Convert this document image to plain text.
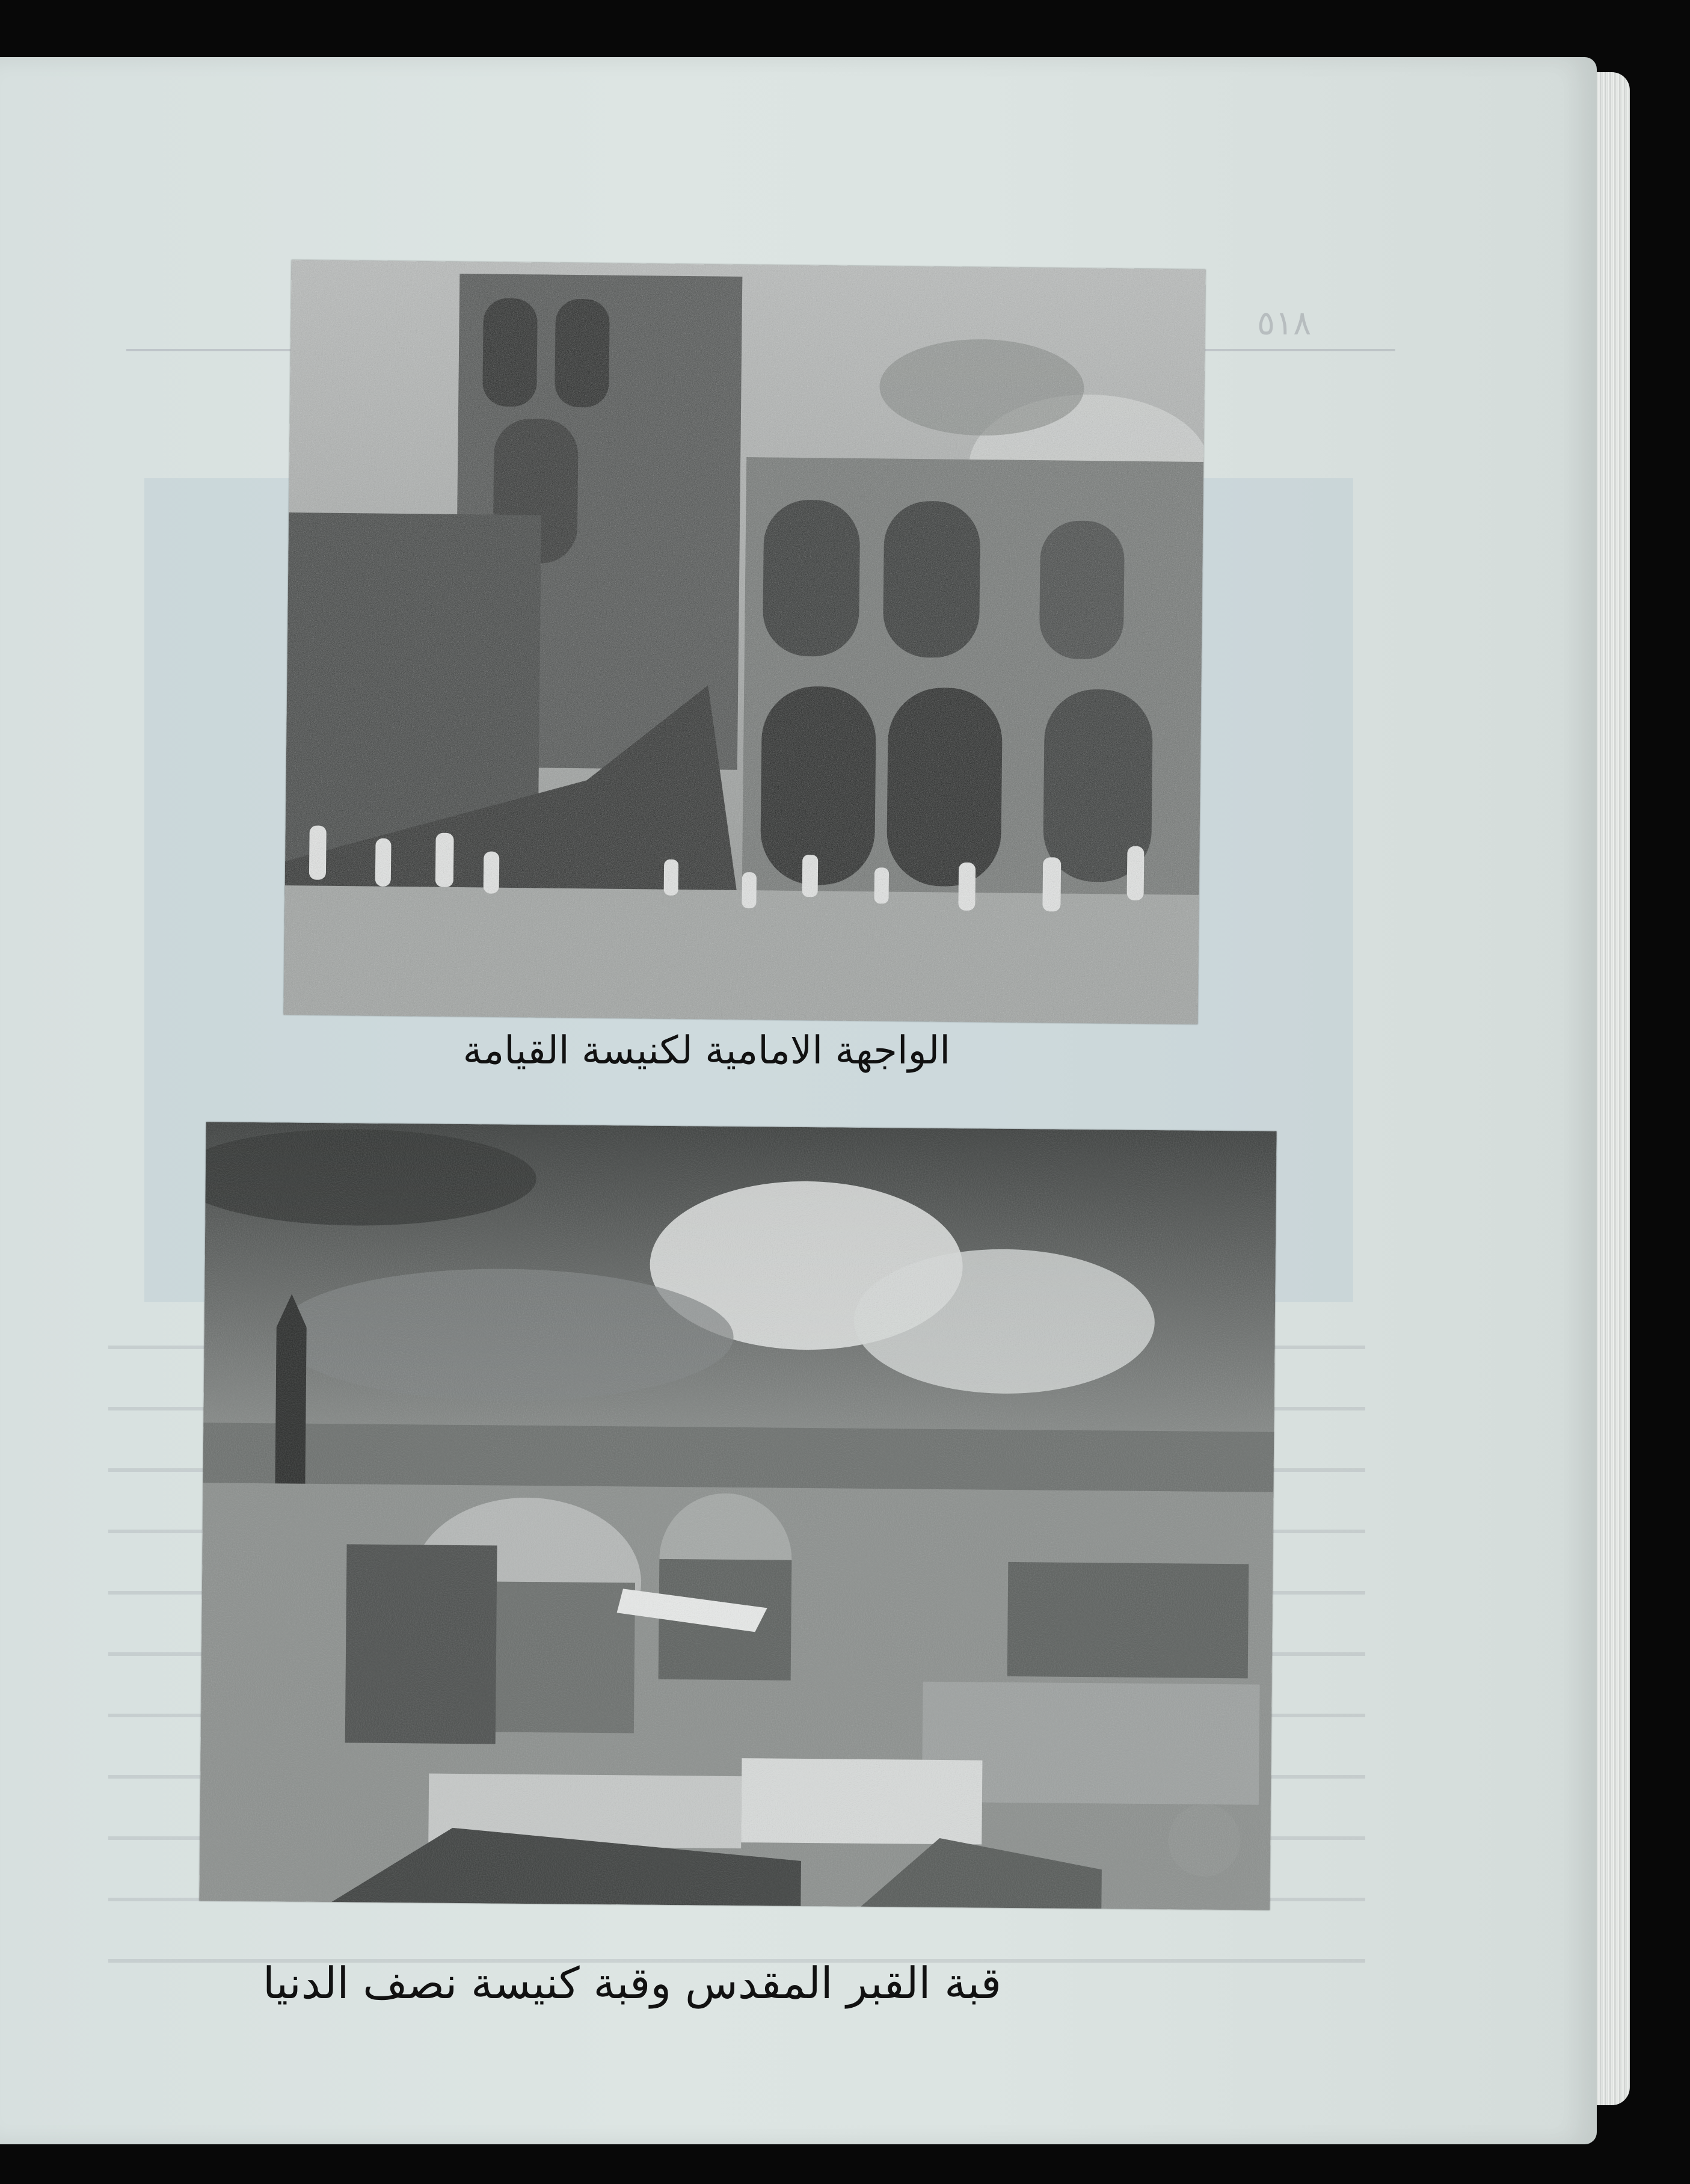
٥١٨
الواجهة الامامية لكنيسة القيامة
قبة القبر المقدس وقبة كنيسة نصف الدنيا
